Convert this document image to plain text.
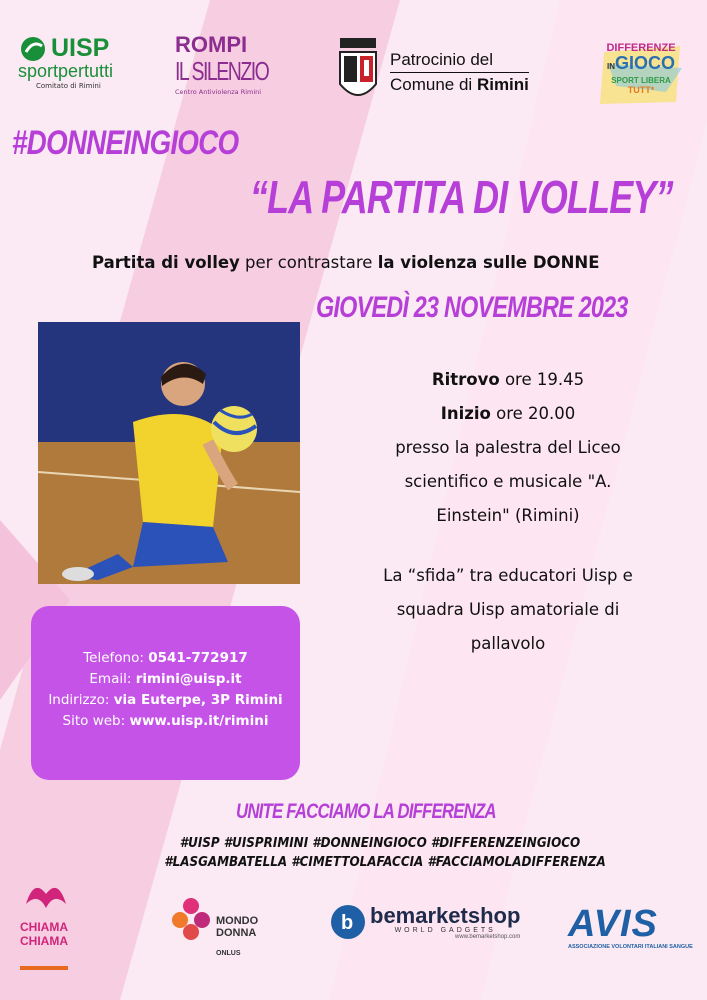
UISP
sportpertutti
Comitato di Rimini
ROMPI
IL SILENZIO
Centro Antiviolenza Rimini
Patrocinio del
Comune di Rimini
DIFFERENZE
INGIOCO
SPORT LIBERA
TUTT*
#DONNEINGIOCO
“LA PARTITA DI VOLLEY”
Partita di volley per contrastare la violenza sulle DONNE
GIOVEDÌ 23 NOVEMBRE 2023
Ritrovo ore 19.45
Inizio ore 20.00
presso la palestra del Liceo
scientifico e musicale "A.
Einstein" (Rimini)
La “sfida” tra educatori Uisp e
squadra Uisp amatoriale di
pallavolo
Telefono: 0541-772917
Email: rimini@uisp.it
Indirizzo: via Euterpe, 3P Rimini
Sito web: www.uisp.it/rimini
UNITE FACCIAMO LA DIFFERENZA
#UISP #UISPRIMINI #DONNEINGIOCO #DIFFERENZEINGIOCO
#LASGAMBATELLA #CIMETTOLAFACCIA #FACCIAMOLADIFFERENZA
CHIAMA
CHIAMA
MONDO
DONNA
ONLUS
b bemarketshop
WORLD GADGETS
www.bemarketshop.com AVIS
ASSOCIAZIONE VOLONTARI ITALIANI SANGUE
